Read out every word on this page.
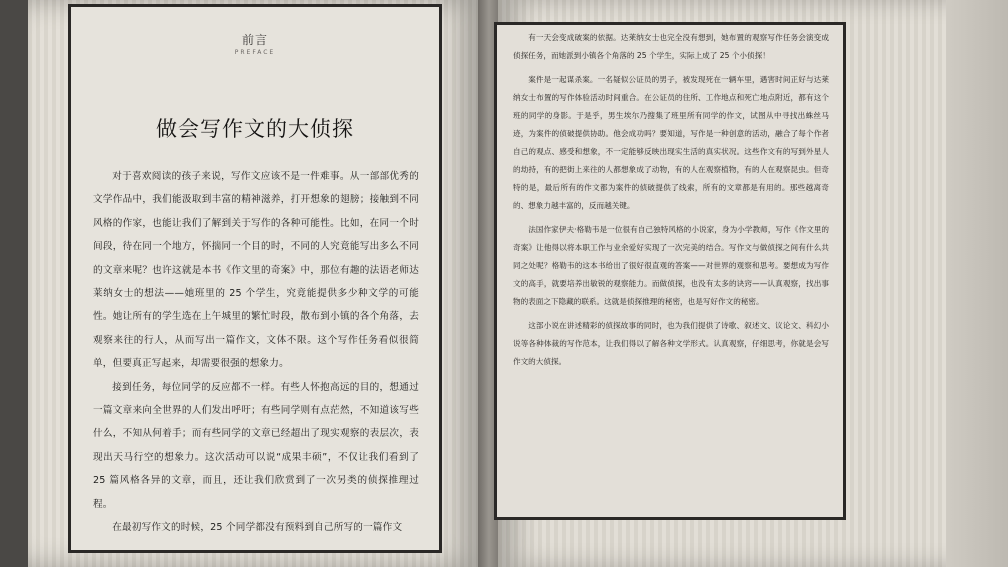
前言
PREFACE
做会写作文的大侦探

对于喜欢阅读的孩子来说，写作文应该不是一件难事。从一部部优秀的文学作品中，我们能汲取到丰富的精神滋养，打开想象的翅膀；接触到不同风格的作家，也能让我们了解到关于写作的各种可能性。比如，在同一个时间段，待在同一个地方，怀揣同一个目的时，不同的人究竟能写出多么不同的文章来呢？也许这就是本书《作文里的奇案》中，那位有趣的法语老师达莱纳女士的想法——她班里的 25 个学生，究竟能提供多少种文学的可能性。她让所有的学生选在上午城里的繁忙时段，散布到小镇的各个角落，去观察来往的行人，从而写出一篇作文，文体不限。这个写作任务看似很简单，但要真正写起来，却需要很强的想象力。

接到任务，每位同学的反应都不一样。有些人怀抱高远的目的，想通过一篇文章来向全世界的人们发出呼吁；有些同学则有点茫然，不知道该写些什么，不知从何着手；而有些同学的文章已经超出了现实观察的表层次，表现出天马行空的想象力。这次活动可以说“成果丰硕”，不仅让我们看到了 25 篇风格各异的文章，而且，还让我们欣赏到了一次另类的侦探推理过程。

在最初写作文的时候，25 个同学都没有预料到自己所写的一篇作文

有一天会变成破案的依据。达莱纳女士也完全没有想到，她布置的观察写作任务会演变成侦探任务，而她派到小镇各个角落的 25 个学生，实际上成了 25 个小侦探！

案件是一起谋杀案。一名疑似公证员的男子，被发现死在一辆车里，遇害时间正好与达莱纳女士布置的写作体验活动时间重合。在公证员的住所、工作地点和死亡地点附近，都有这个班的同学的身影。于是乎，男生埃尔乃搜集了班里所有同学的作文，试图从中寻找出蛛丝马迹，为案件的侦破提供协助。他会成功吗？要知道，写作是一种创意的活动，融合了每个作者自己的观点、感受和想象，不一定能够反映出现实生活的真实状况。这些作文有的写到外星人的劫持，有的把街上来往的人都想象成了动物，有的人在观察植物，有的人在观察昆虫。但奇特的是，最后所有的作文都为案件的侦破提供了线索，所有的文章都是有用的。那些越离奇的、想象力越丰富的，反而越关键。

法国作家伊夫·格勒韦是一位很有自己独特风格的小说家，身为小学教师，写作《作文里的奇案》让他得以将本职工作与业余爱好实现了一次完美的结合。写作文与做侦探之间有什么共同之处呢？格勒韦的这本书给出了很好很直观的答案——对世界的观察和思考。要想成为写作文的高手，就要培养出敏锐的观察能力。而做侦探，也没有太多的诀窍——认真观察，找出事物的表面之下隐藏的联系。这就是侦探推理的秘密，也是写好作文的秘密。

这部小说在讲述精彩的侦探故事的同时，也为我们提供了诗歌、叙述文、议论文、科幻小说等各种体裁的写作范本，让我们得以了解各种文学形式。认真观察，仔细思考，你就是会写作文的大侦探。
